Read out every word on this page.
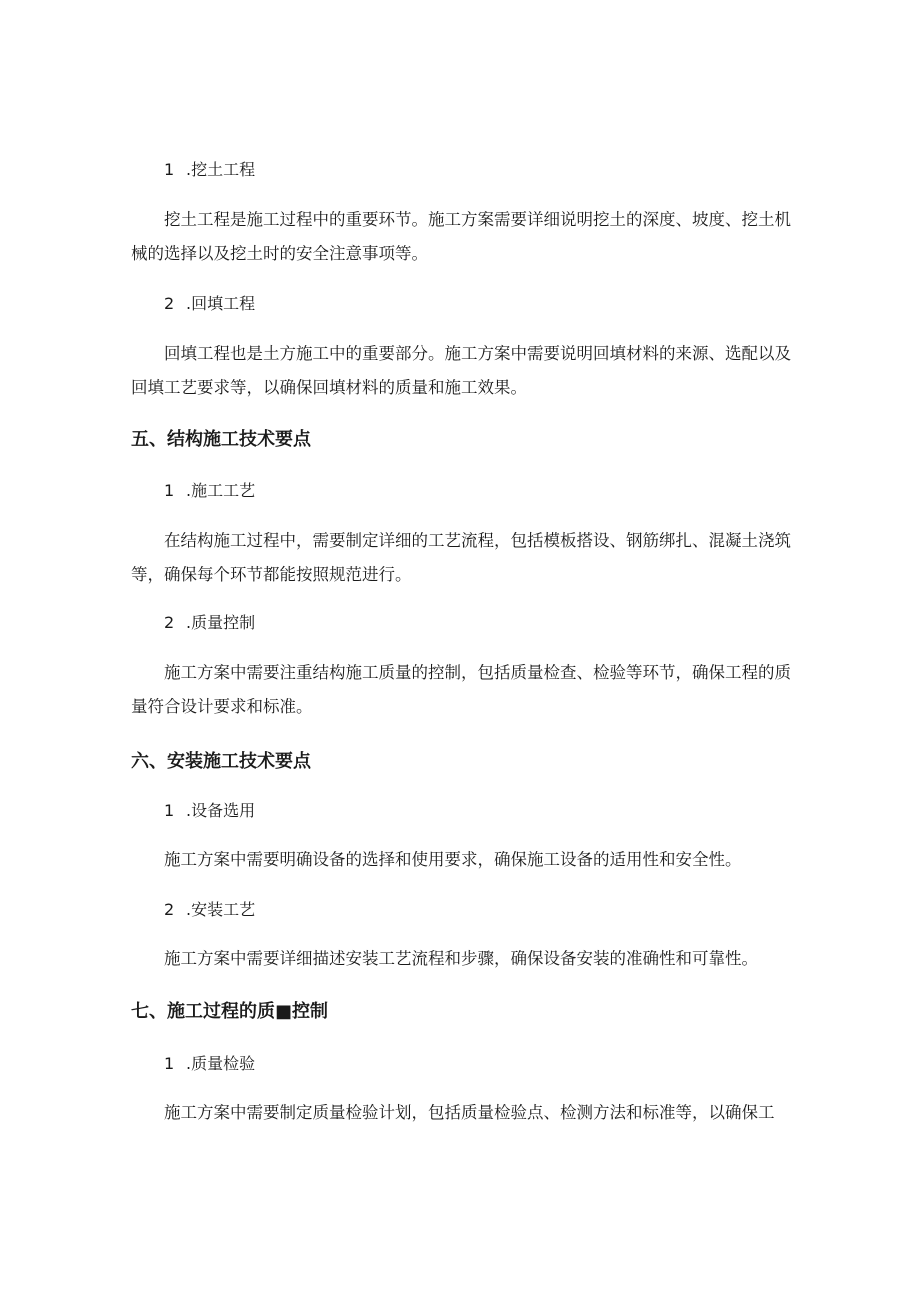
1 .挖土工程

挖土工程是施工过程中的重要环节。施工方案需要详细说明挖土的深度、坡度、挖土机械的选择以及挖土时的安全注意事项等。

2 .回填工程

回填工程也是土方施工中的重要部分。施工方案中需要说明回填材料的来源、选配以及回填工艺要求等，以确保回填材料的质量和施工效果。

五、结构施工技术要点

1 .施工工艺

在结构施工过程中，需要制定详细的工艺流程，包括模板搭设、钢筋绑扎、混凝土浇筑等，确保每个环节都能按照规范进行。

2 .质量控制

施工方案中需要注重结构施工质量的控制，包括质量检查、检验等环节，确保工程的质量符合设计要求和标准。

六、安装施工技术要点

1 .设备选用

施工方案中需要明确设备的选择和使用要求，确保施工设备的适用性和安全性。

2 .安装工艺

施工方案中需要详细描述安装工艺流程和步骤，确保设备安装的准确性和可靠性。

七、施工过程的质■控制

1 .质量检验

施工方案中需要制定质量检验计划，包括质量检验点、检测方法和标准等，以确保工
